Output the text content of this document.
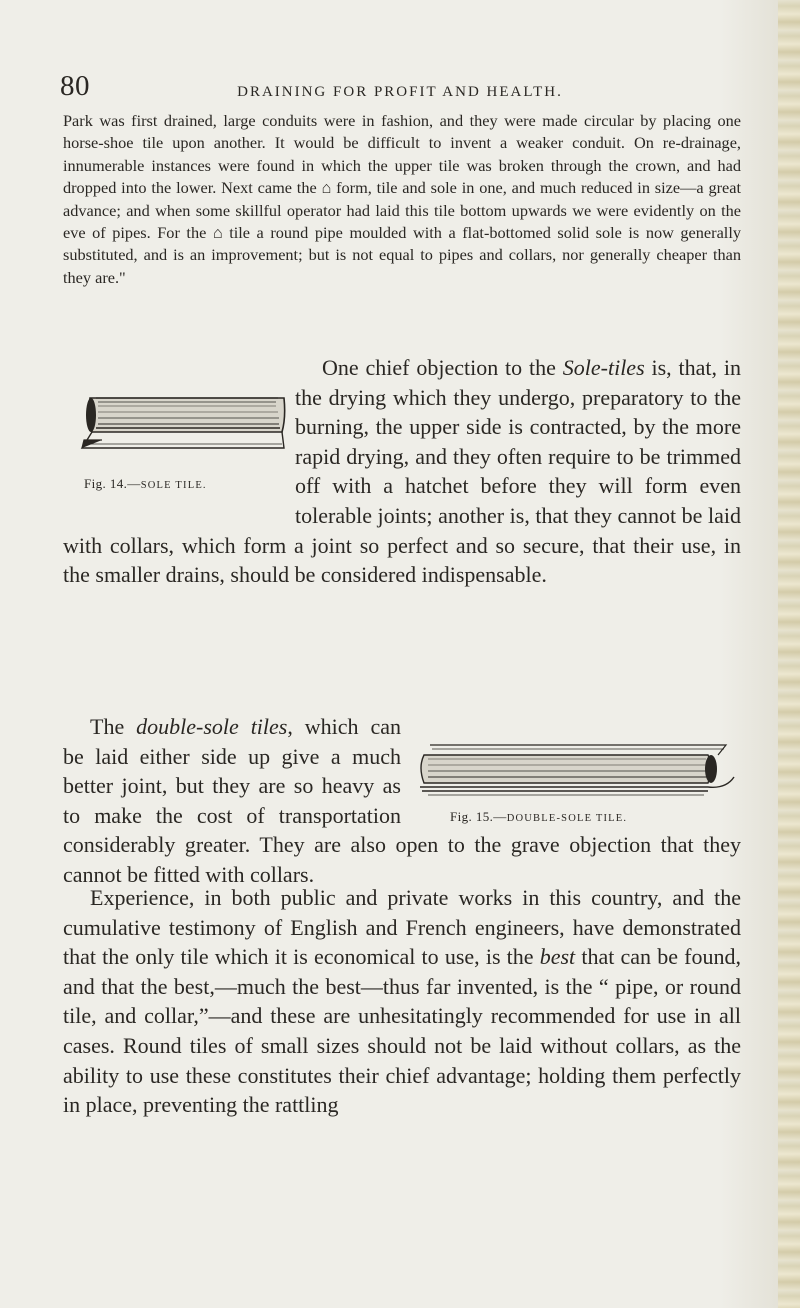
80	DRAINING FOR PROFIT AND HEALTH.

Park was first drained, large conduits were in fashion, and they were made circular by placing one horse-shoe tile upon another. It would be difficult to invent a weaker conduit. On re-drainage, innumerable instances were found in which the upper tile was broken through the crown, and had dropped into the lower. Next came the ⌂ form, tile and sole in one, and much reduced in size—a great advance; and when some skillful operator had laid this tile bottom upwards we were evidently on the eve of pipes. For the ⌂ tile a round pipe moulded with a flat-bottomed solid sole is now generally substituted, and is an improvement; but is not equal to pipes and collars, nor generally cheaper than they are."

One chief objection to the Sole-tiles is, that, in the drying which they undergo, preparatory to the burning, the upper side is contracted, by the more rapid drying, and they often require to be trimmed off with a hatchet before they will form even tolerable joints; another is, that they cannot be laid with collars, which form a joint so perfect and so secure, that their use, in the smaller drains, should be considered indispensable.
The double-sole tiles, which can be laid either side up give a much better joint, but they are so heavy as to make the cost of transportation considerably greater. They are also open to the grave objection that they cannot be fitted with collars.
Experience, in both public and private works in this country, and the cumulative testimony of English and French engineers, have demonstrated that the only tile which it is economical to use, is the best that can be found, and that the best,—much the best—thus far invented, is the “ pipe, or round tile, and collar,”—and these are unhesitatingly recommended for use in all cases. Round tiles of small sizes should not be laid without collars, as the ability to use these constitutes their chief advantage; holding them perfectly in place, preventing the rattling
Fig. 14.—SOLE TILE.
Fig. 15.—DOUBLE-SOLE TILE.
